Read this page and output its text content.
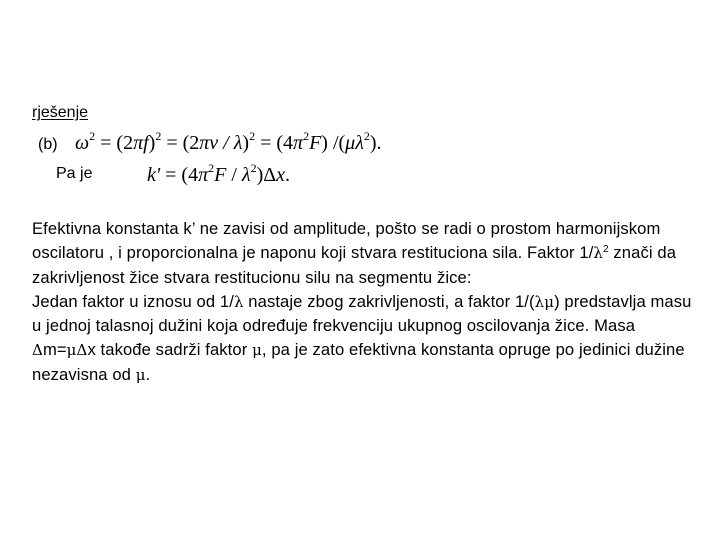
rješenje
(b) $\omega^2 = (2\pi f)^2 = (2\pi v / \lambda)^2 = (4\pi^2F)$ $/(\mu\lambda^2)$.
Pa je	$k' = (4\pi^2F / \lambda^2)\Delta x$.

Efektivna konstanta k’ ne zavisi od amplitude, pošto se radi o prostom harmonijskom oscilatoru , i proporcionalna je naponu koji stvara restituciona sila. Faktor $1/\lambda^2$ znači da zakrivljenost žice stvara restitucionu silu na segmentu žice:

Jedan faktor u iznosu od 1/λ nastaje zbog zakrivljenosti, a faktor 1/(λμ) predstavlja masu u jednoj talasnoj dužini koja određuje frekvenciju ukupnog oscilovanja žice. Masa Δm=μΔx takođe sadrži faktor μ, pa je zato efektivna konstanta opruge po jedinici dužine nezavisna od μ.
